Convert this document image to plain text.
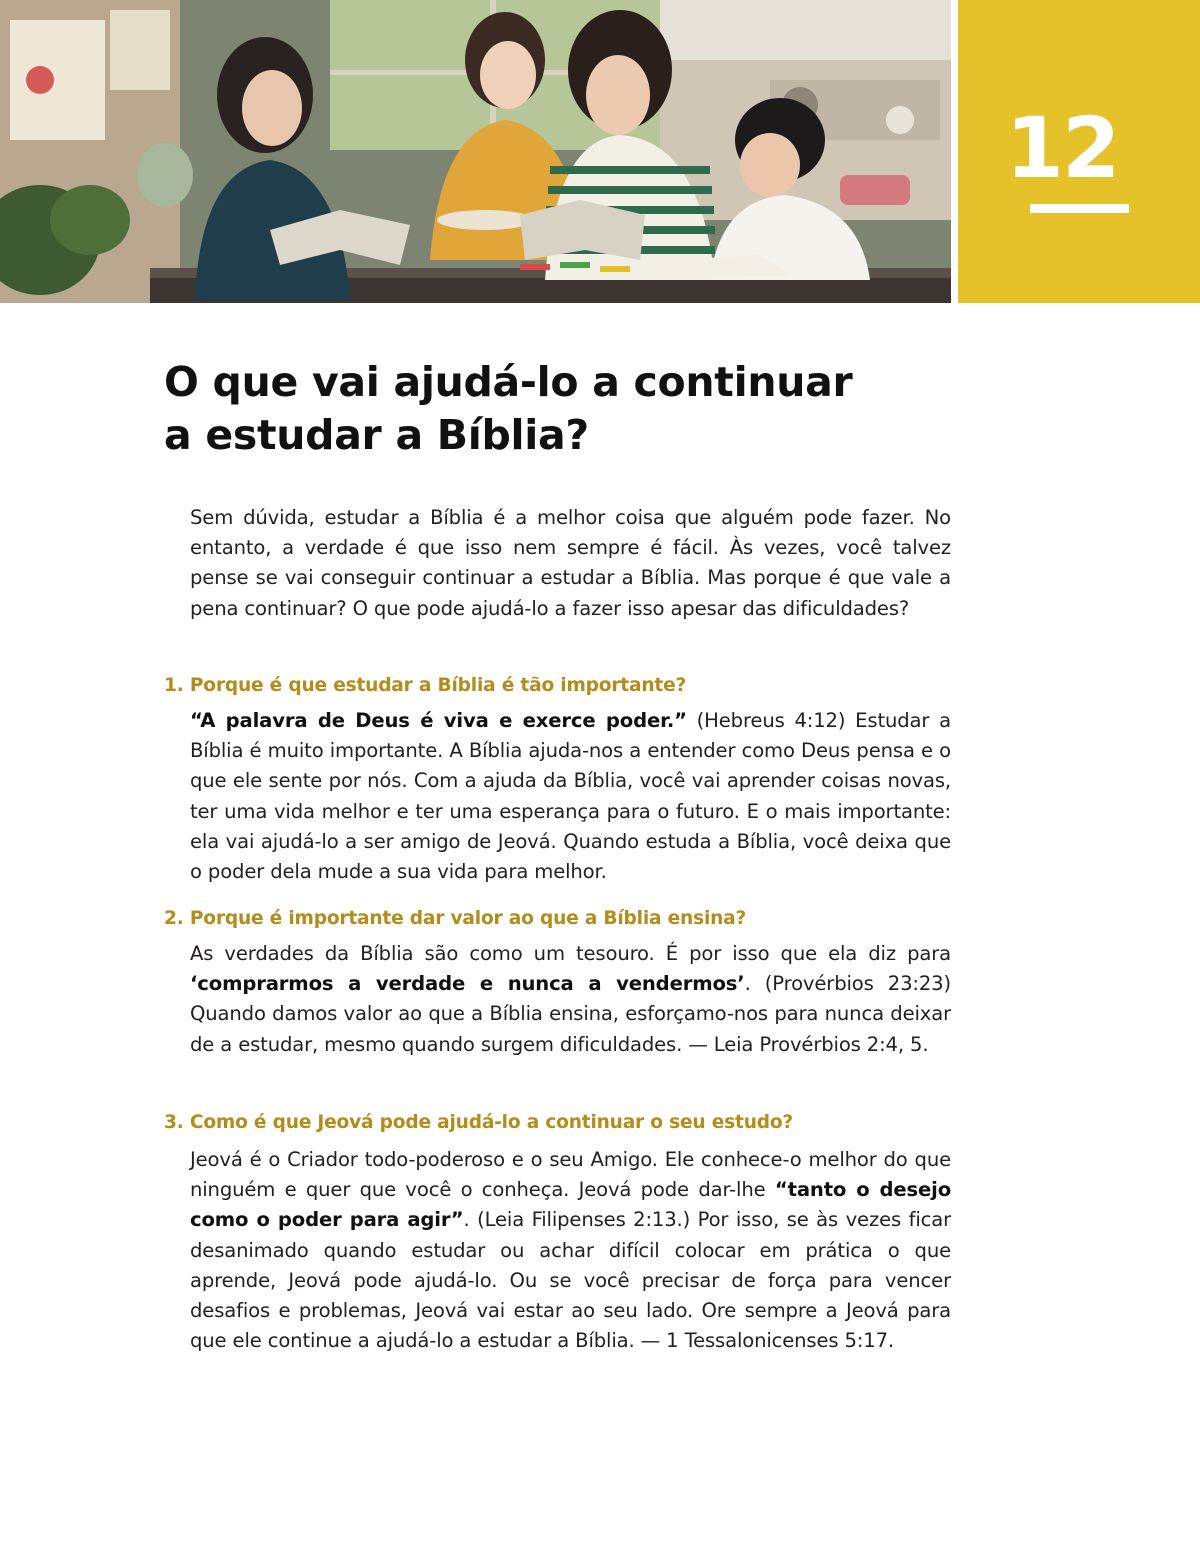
12
O que vai ajudá-lo a continuar
a estudar a Bíblia?

Sem dúvida, estudar a Bíblia é a melhor coisa que alguém pode fazer. No entanto, a verdade é que isso nem sempre é fácil. Às vezes, você talvez pense se vai conseguir continuar a estudar a Bíblia. Mas porque é que vale a pena continuar? O que pode ajudá-lo a fazer isso apesar das dificuldades?

1. Porque é que estudar a Bíblia é tão importante?

“A palavra de Deus é viva e exerce poder.” (Hebreus 4:12) Estudar a Bíblia é muito importante. A Bíblia ajuda-nos a entender como Deus pensa e o que ele sente por nós. Com a ajuda da Bíblia, você vai aprender coisas novas, ter uma vida melhor e ter uma esperança para o futuro. E o mais importante: ela vai ajudá-lo a ser amigo de Jeová. Quando estuda a Bíblia, você deixa que o poder dela mude a sua vida para melhor.

2. Porque é importante dar valor ao que a Bíblia ensina?

As verdades da Bíblia são como um tesouro. É por isso que ela diz para ‘comprarmos a verdade e nunca a vendermos’. (Provérbios 23:23) Quando damos valor ao que a Bíblia ensina, esforçamo-nos para nunca deixar de a estudar, mesmo quando surgem dificuldades. — Leia Provérbios 2:4, 5.

3. Como é que Jeová pode ajudá-lo a continuar o seu estudo?

Jeová é o Criador todo-poderoso e o seu Amigo. Ele conhece-o melhor do que ninguém e quer que você o conheça. Jeová pode dar-lhe “tanto o desejo como o poder para agir”. (Leia Filipenses 2:13.) Por isso, se às vezes ficar desanimado quando estudar ou achar difícil colocar em prática o que aprende, Jeová pode ajudá-lo. Ou se você precisar de força para vencer desafios e problemas, Jeová vai estar ao seu lado. Ore sempre a Jeová para que ele continue a ajudá-lo a estudar a Bíblia. — 1 Tessalonicenses 5:17.
